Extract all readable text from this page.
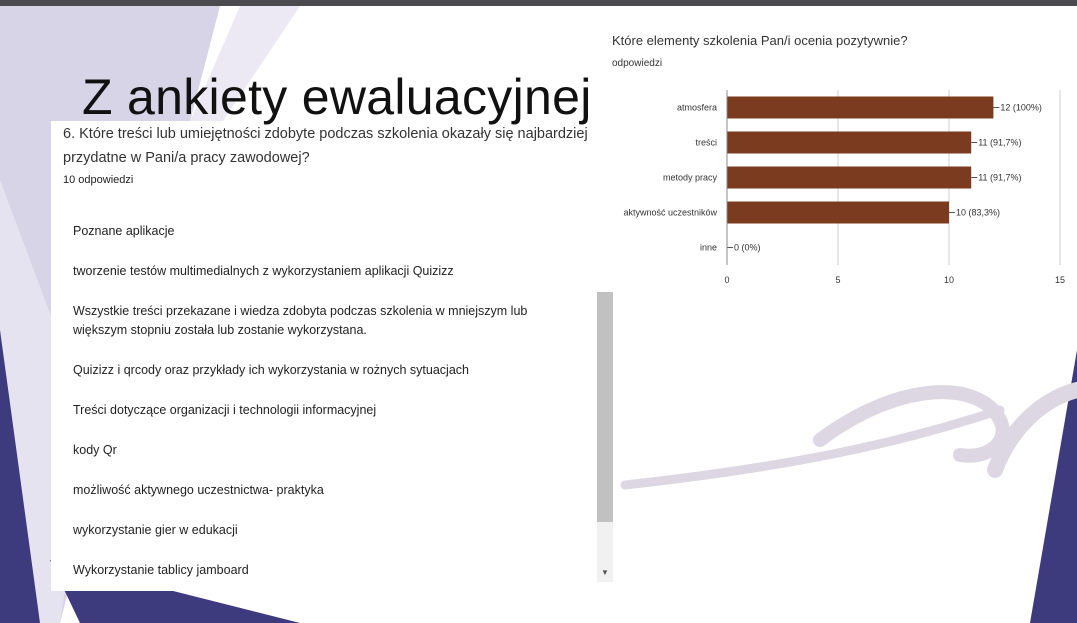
Z ankiety ewaluacyjnej
6. Które treści lub umiejętności zdobyte podczas szkolenia okazały się najbardziej przydatne w Pani/a pracy zawodowej?
10 odpowiedzi
Poznane aplikacje
tworzenie testów multimedialnych z wykorzystaniem aplikacji Quizizz
Wszystkie treści przekazane i wiedza zdobyta podczas szkolenia w mniejszym lub większym stopniu została lub zostanie wykorzystana.
Quizizz i qrcody oraz przykłady ich wykorzystania w rożnych sytuacjach
Treści dotyczące organizacji i technologii informacyjnej
kody Qr
możliwość aktywnego uczestnictwa- praktyka
wykorzystanie gier w edukacji
Wykorzystanie tablicy jamboard	▼
Które elementy szkolenia Pan/i ocenia pozytywnie?
odpowiedzi
0	5	10	15
atmosfera	12 (100%)
treści	11 (91,7%)
metody pracy	11 (91,7%)
aktywność uczestników	10 (83,3%)
inne 0 (0%)
